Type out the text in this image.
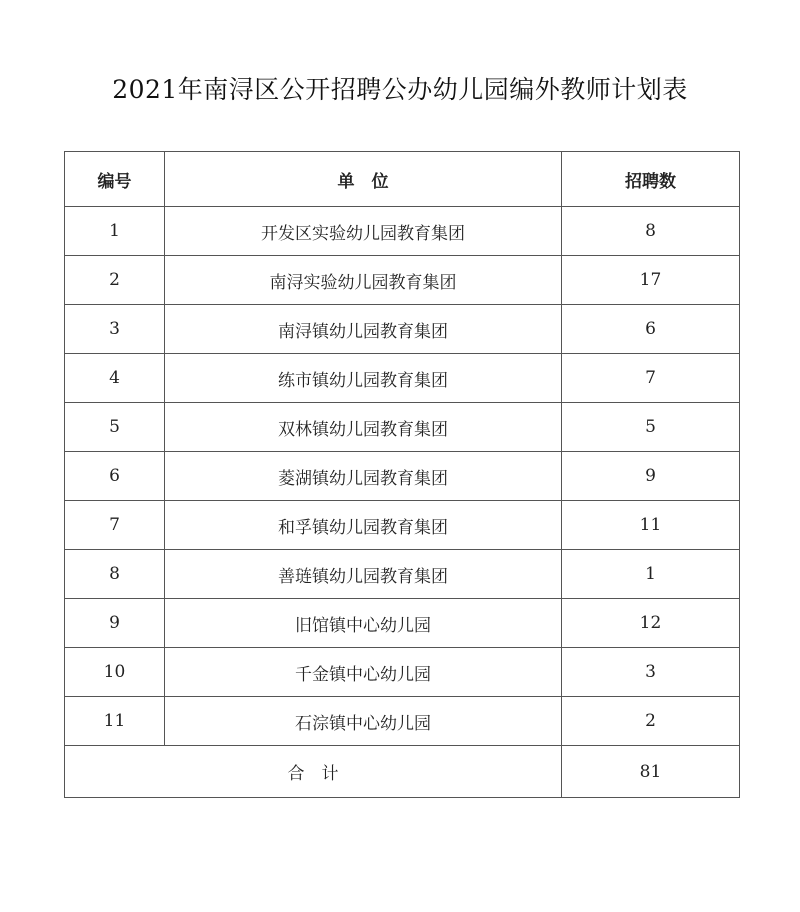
2021年南浔区公开招聘公办幼儿园编外教师计划表
编号	单　位	招聘数
1	开发区实验幼儿园教育集团	8
2	南浔实验幼儿园教育集团	17
3	南浔镇幼儿园教育集团	6
4	练市镇幼儿园教育集团	7
5	双林镇幼儿园教育集团	5
6	菱湖镇幼儿园教育集团	9
7	和孚镇幼儿园教育集团	11
8	善琏镇幼儿园教育集团	1
9	旧馆镇中心幼儿园	12
10	千金镇中心幼儿园	3
11	石淙镇中心幼儿园	2
合　计		81
